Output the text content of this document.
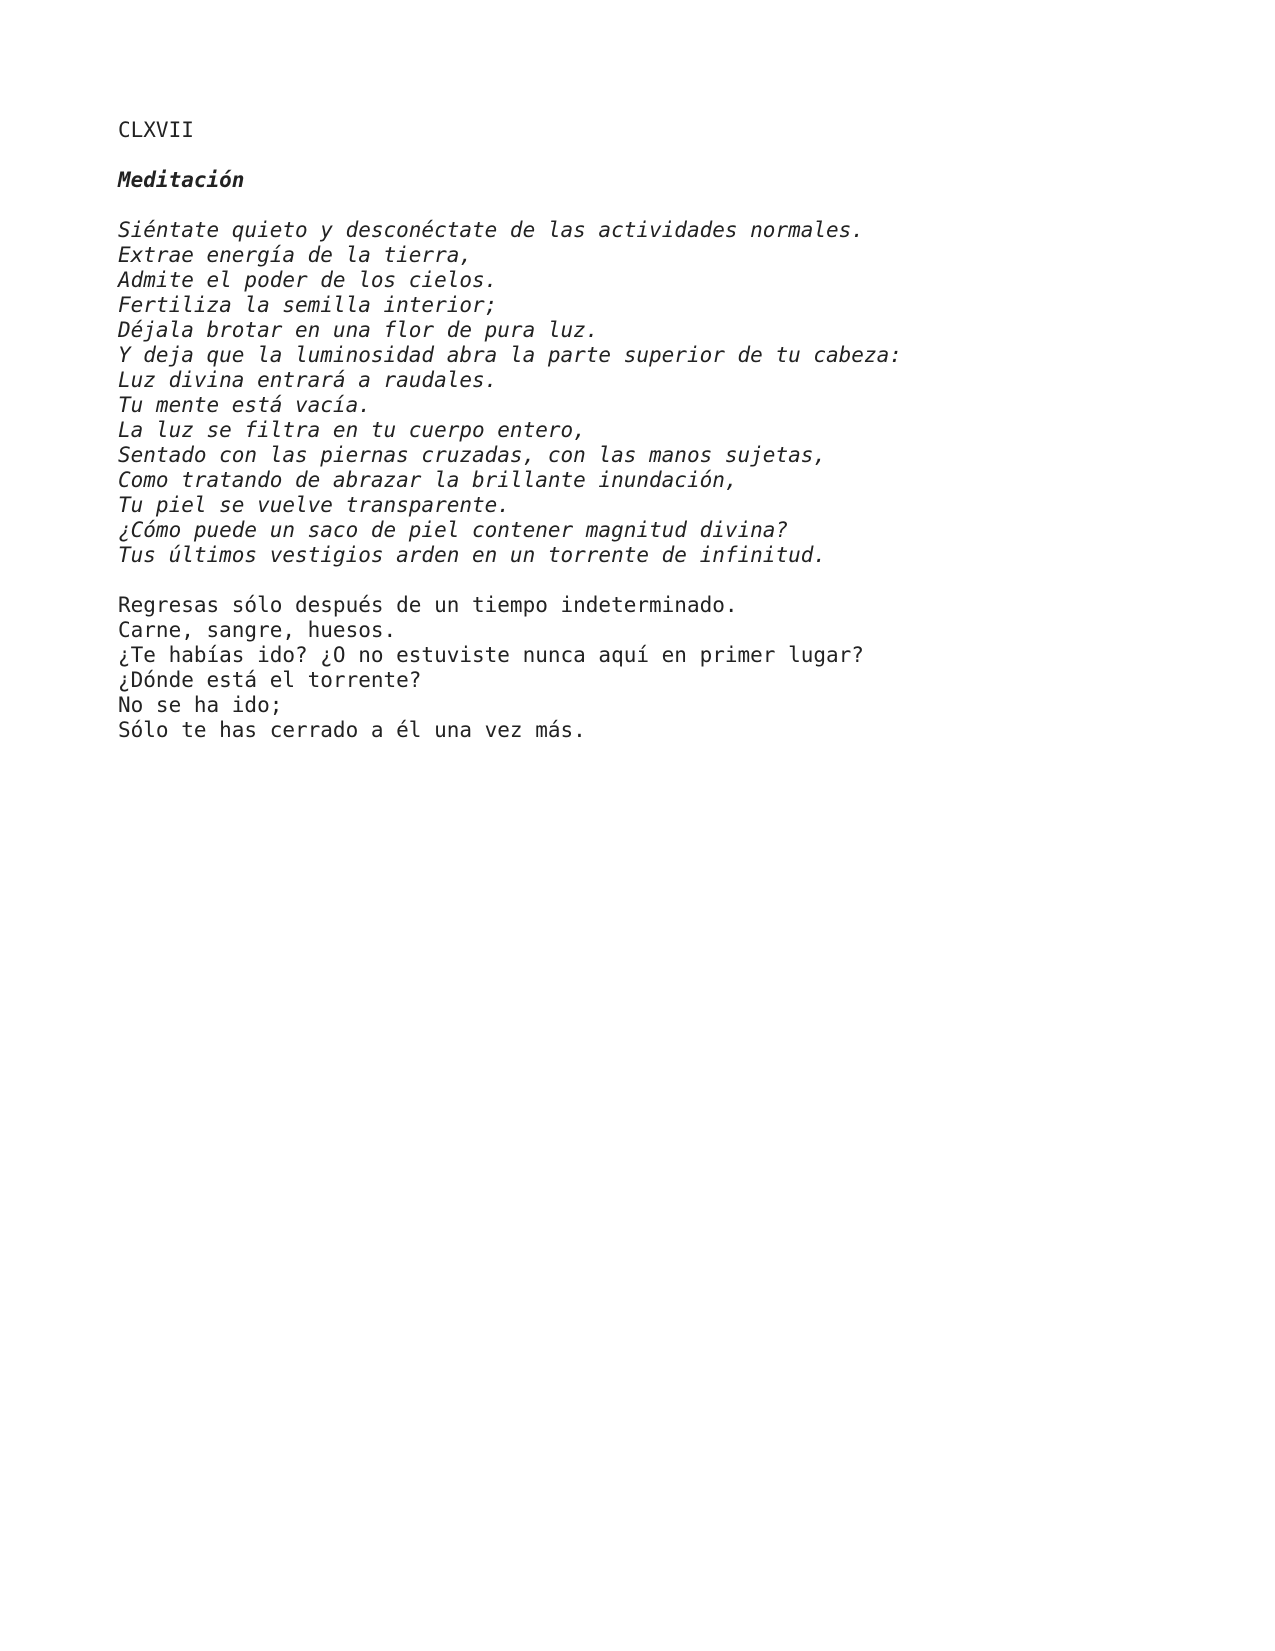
CLXVII
Meditación
Siéntate quieto y desconéctate de las actividades normales.
Extrae energía de la tierra,
Admite el poder de los cielos.
Fertiliza la semilla interior;
Déjala brotar en una flor de pura luz.
Y deja que la luminosidad abra la parte superior de tu cabeza:
Luz divina entrará a raudales.
Tu mente está vacía.
La luz se filtra en tu cuerpo entero,
Sentado con las piernas cruzadas, con las manos sujetas,
Como tratando de abrazar la brillante inundación,
Tu piel se vuelve transparente.
¿Cómo puede un saco de piel contener magnitud divina?
Tus últimos vestigios arden en un torrente de infinitud.
Regresas sólo después de un tiempo indeterminado.
Carne, sangre, huesos.
¿Te habías ido? ¿O no estuviste nunca aquí en primer lugar?
¿Dónde está el torrente?
No se ha ido;
Sólo te has cerrado a él una vez más.
